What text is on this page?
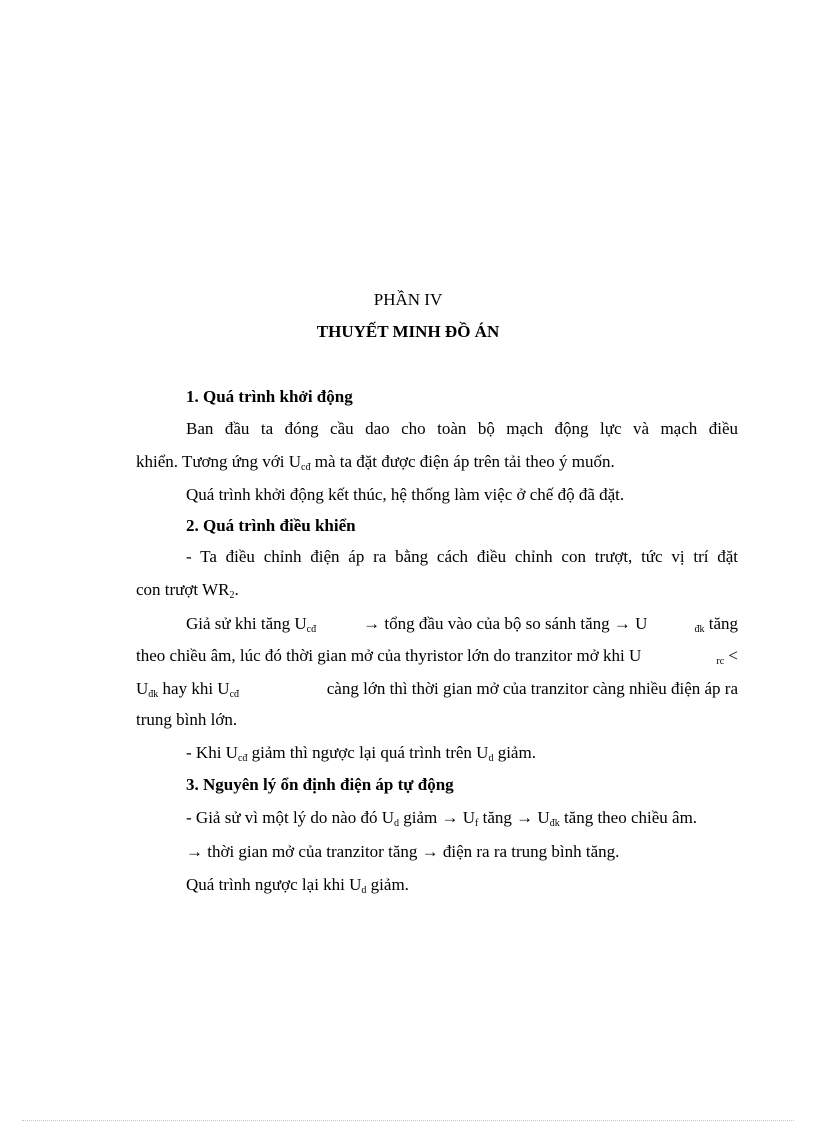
PHẦN IV
THUYẾT MINH ĐỒ ÁN
1. Quá trình khởi động
Ban đầu ta đóng cầu dao cho toàn bộ mạch động lực và mạch điều
khiển. Tương ứng với $U_{cđ}$ mà ta đặt được điện áp trên tải theo ý muốn.
Quá trình khởi động kết thúc, hệ thống làm việc ở chế độ đã đặt.
2. Quá trình điều khiển
- Ta điều chỉnh điện áp ra bằng cách điều chỉnh con trượt, tức vị trí đặt
con trượt $WR_2$.
Giả sử khi tăng $U_{cđ}$	→ tổng đầu vào của bộ so sánh tăng → U	$_{đk}$ tăng
theo chiều âm, lúc đó thời gian mở của thyristor lớn do tranzitor mở khi U	$_{rc}$ <
$U_{đk}$ hay khi $U_{cđ}$	càng lớn thì thời gian mở của tranzitor càng nhiều điện áp ra
trung bình lớn.
- Khi $U_{cđ}$ giảm thì ngược lại quá trình trên $U_d$ giảm.
3. Nguyên lý ổn định điện áp tự động
- Giả sử vì một lý do nào đó $U_d$ giảm → $U_f$ tăng → $U_{đk}$ tăng theo chiều âm.
→ thời gian mở của tranzitor tăng → điện ra ra trung bình tăng.
Quá trình ngược lại khi $U_d$ giảm.
